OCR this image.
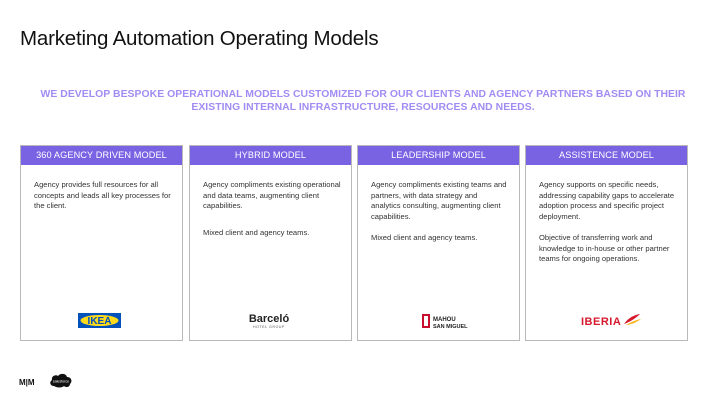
Marketing Automation Operating Models
WE DEVELOP BESPOKE OPERATIONAL MODELS CUSTOMIZED FOR OUR CLIENTS AND AGENCY PARTNERS BASED ON THEIR EXISTING INTERNAL INFRASTRUCTURE, RESOURCES AND NEEDS.
360 AGENCY DRIVEN MODEL

Agency provides full resources for all concepts and leads all key processes for the client.

IKEA
HYBRID MODEL

Agency compliments existing operational and data teams, augmenting client capabilities.

Mixed client and agency teams.

Barceló
HOTEL GROUP
LEADERSHIP MODEL

Agency compliments existing teams and partners, with data strategy and analytics consulting, augmenting client capabilities.

Mixed client and agency teams.

MAHOU
SAN MIGUEL
ASSISTENCE MODEL

Agency supports on specific needs, addressing capability gaps to accelerate adoption process and specific project deployment.

Objective of transferring work and knowledge to in-house or other partner teams for ongoing operations.

IBERIA
M|M	salesforce
